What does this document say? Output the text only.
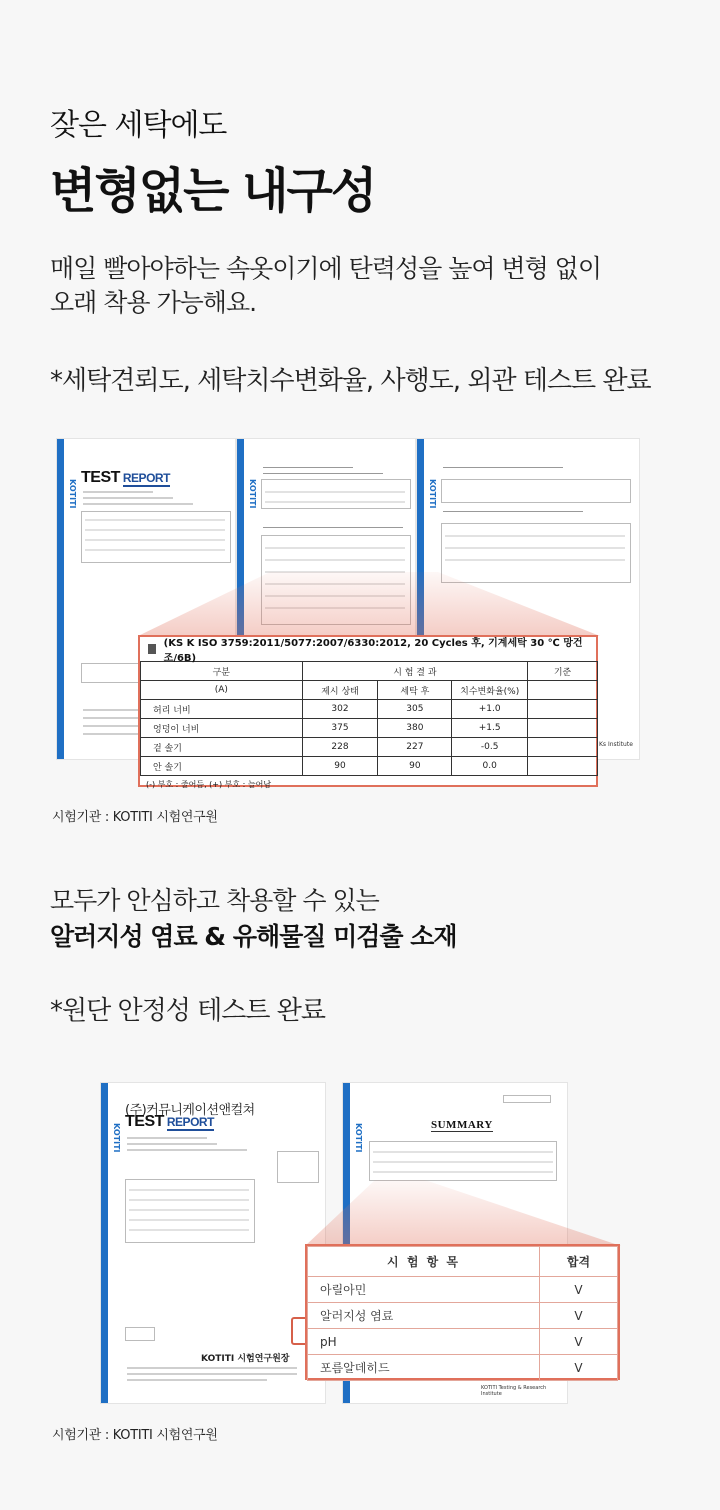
잦은 세탁에도
변형없는 내구성
매일 빨아야하는 속옷이기에 탄력성을 높여 변형 없이
오래 착용 가능해요.
*세탁견뢰도, 세탁치수변화율, 사행도, 외관 테스트 완료
KOTITI
TEST REPORT
KOTITI	KOTITI
Ks Institute
(KS K ISO 3759:2011/5077:2007/6330:2012, 20 Cycles 후, 기계세탁 30 ℃ 망건조/6B)
구분	시 험 결 과			기준
(A)	제시 상태	세탁 후	치수변화율(%)	
허리 너비	302	305	+1.0	
엉덩이 너비	375	380	+1.5	
겉 솔기	228	227	-0.5	
안 솔기	90	90	0.0	
(-) 부호 : 줄어듬, (+) 부호 : 늘어남
시험기관 : KOTITI 시험연구원
모두가 안심하고 착용할 수 있는
알러지성 염료 & 유해물질 미검출 소재
*원단 안정성 테스트 완료
KOTITI
(주)커뮤니케이션앤컬쳐
TEST REPORT
KOTITI 시험연구원장
KOTITI	SUMMARY
KOTITI Testing & Research Institute
시 험 항 목	합격
아릴아민	V
알러지성 염료	V
pH	V
포름알데히드	V
시험기관 : KOTITI 시험연구원
